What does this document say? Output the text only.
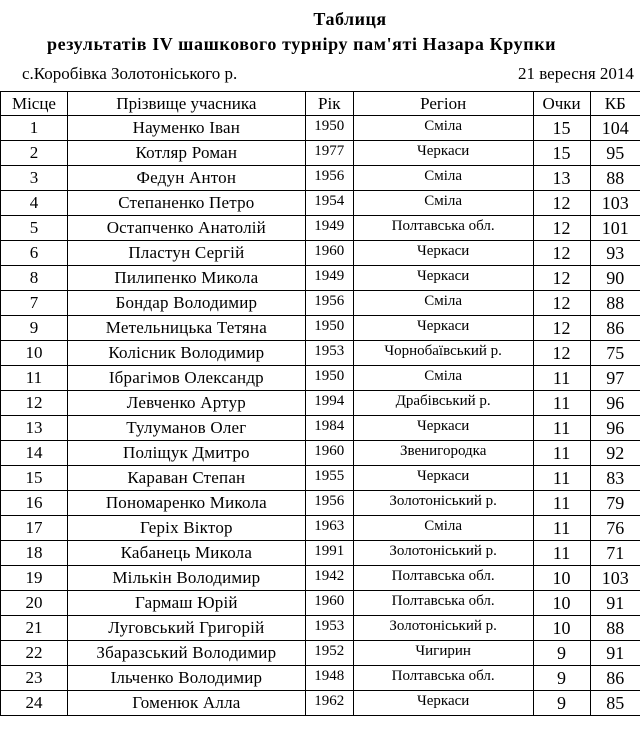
Таблиця
результатів IV шашкового турніру пам'яті Назара Крупки
с.Коробівка Золотоніського р.	21 вересня 2014
Місце	Прізвище учасника	Рік	Регіон	Очки	КБ
1	Науменко Іван	1950	Сміла	15	104
2	Котляр Роман	1977	Черкаси	15	95
3	Федун Антон	1956	Сміла	13	88
4	Степаненко Петро	1954	Сміла	12	103
5	Остапченко Анатолій	1949	Полтавська обл.	12	101
6	Пластун Сергій	1960	Черкаси	12	93
8	Пилипенко Микола	1949	Черкаси	12	90
7	Бондар Володимир	1956	Сміла	12	88
9	Метельницька Тетяна	1950	Черкаси	12	86
10	Колісник Володимир	1953	Чорнобаївський р.	12	75
11	Ібрагімов Олександр	1950	Сміла	11	97
12	Левченко Артур	1994	Драбівський р.	11	96
13	Тулуманов Олег	1984	Черкаси	11	96
14	Поліщук Дмитро	1960	Звенигородка	11	92
15	Караван Степан	1955	Черкаси	11	83
16	Пономаренко Микола	1956	Золотоніський р.	11	79
17	Геріх Віктор	1963	Сміла	11	76
18	Кабанець Микола	1991	Золотоніський р.	11	71
19	Мількін Володимир	1942	Полтавська обл.	10	103
20	Гармаш Юрій	1960	Полтавська обл.	10	91
21	Луговський Григорій	1953	Золотоніський р.	10	88
22	Збаразський Володимир	1952	Чигирин	9	91
23	Ільченко Володимир	1948	Полтавська обл.	9	86
24	Гоменюк Алла	1962	Черкаси	9	85
